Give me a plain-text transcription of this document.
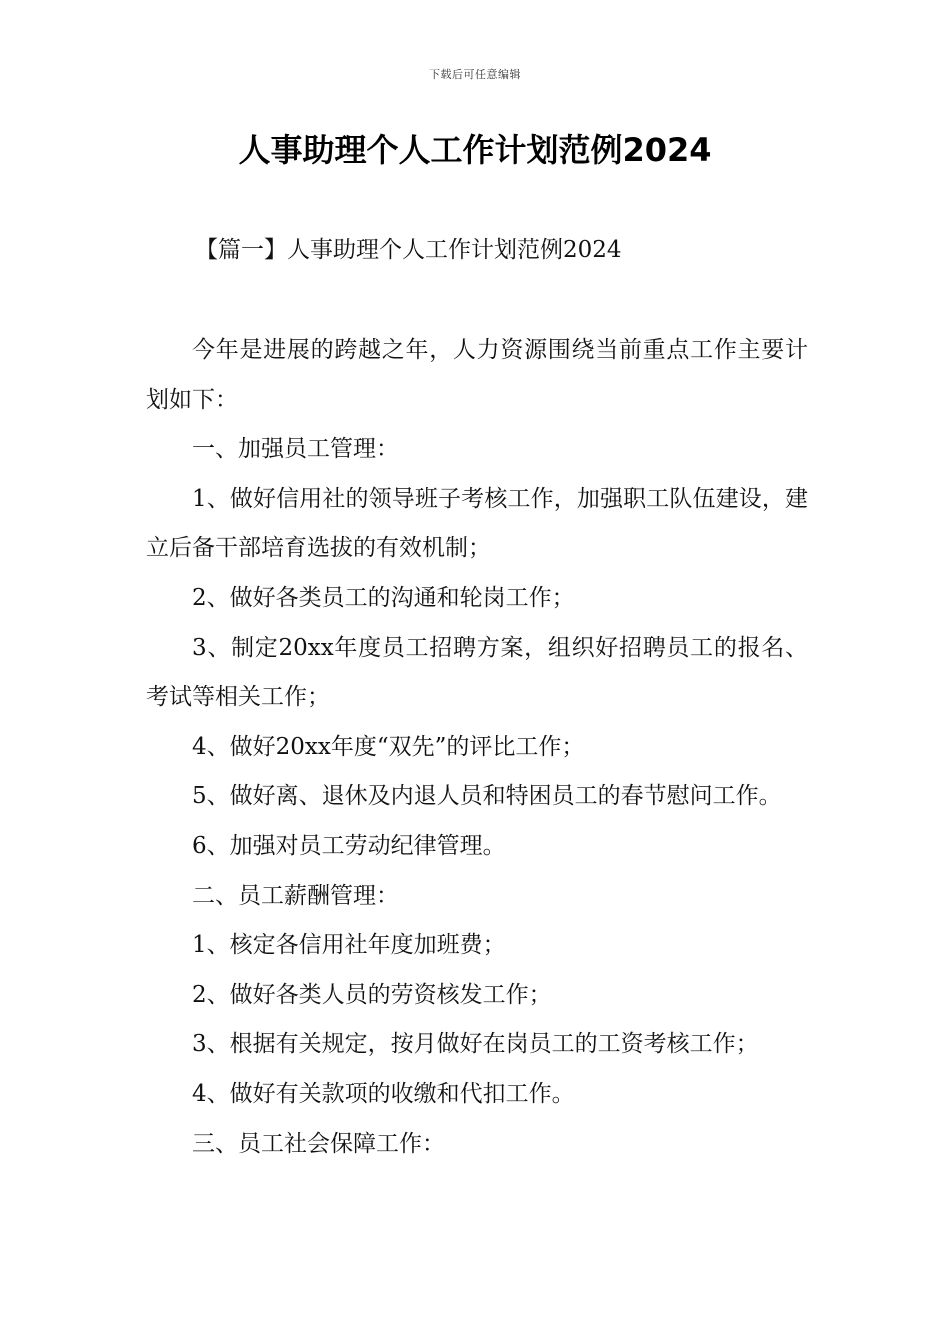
下载后可任意编辑
人事助理个人工作计划范例2024
【篇一】人事助理个人工作计划范例2024

今年是进展的跨越之年，人力资源围绕当前重点工作主要计划如下：

一、加强员工管理：

1、做好信用社的领导班子考核工作，加强职工队伍建设，建立后备干部培育选拔的有效机制；

2、做好各类员工的沟通和轮岗工作；

3、制定20xx年度员工招聘方案，组织好招聘员工的报名、考试等相关工作；

4、做好20xx年度“双先”的评比工作；

5、做好离、退休及内退人员和特困员工的春节慰问工作。

6、加强对员工劳动纪律管理。

二、员工薪酬管理：

1、核定各信用社年度加班费；

2、做好各类人员的劳资核发工作；

3、根据有关规定，按月做好在岗员工的工资考核工作；

4、做好有关款项的收缴和代扣工作。

三、员工社会保障工作：
